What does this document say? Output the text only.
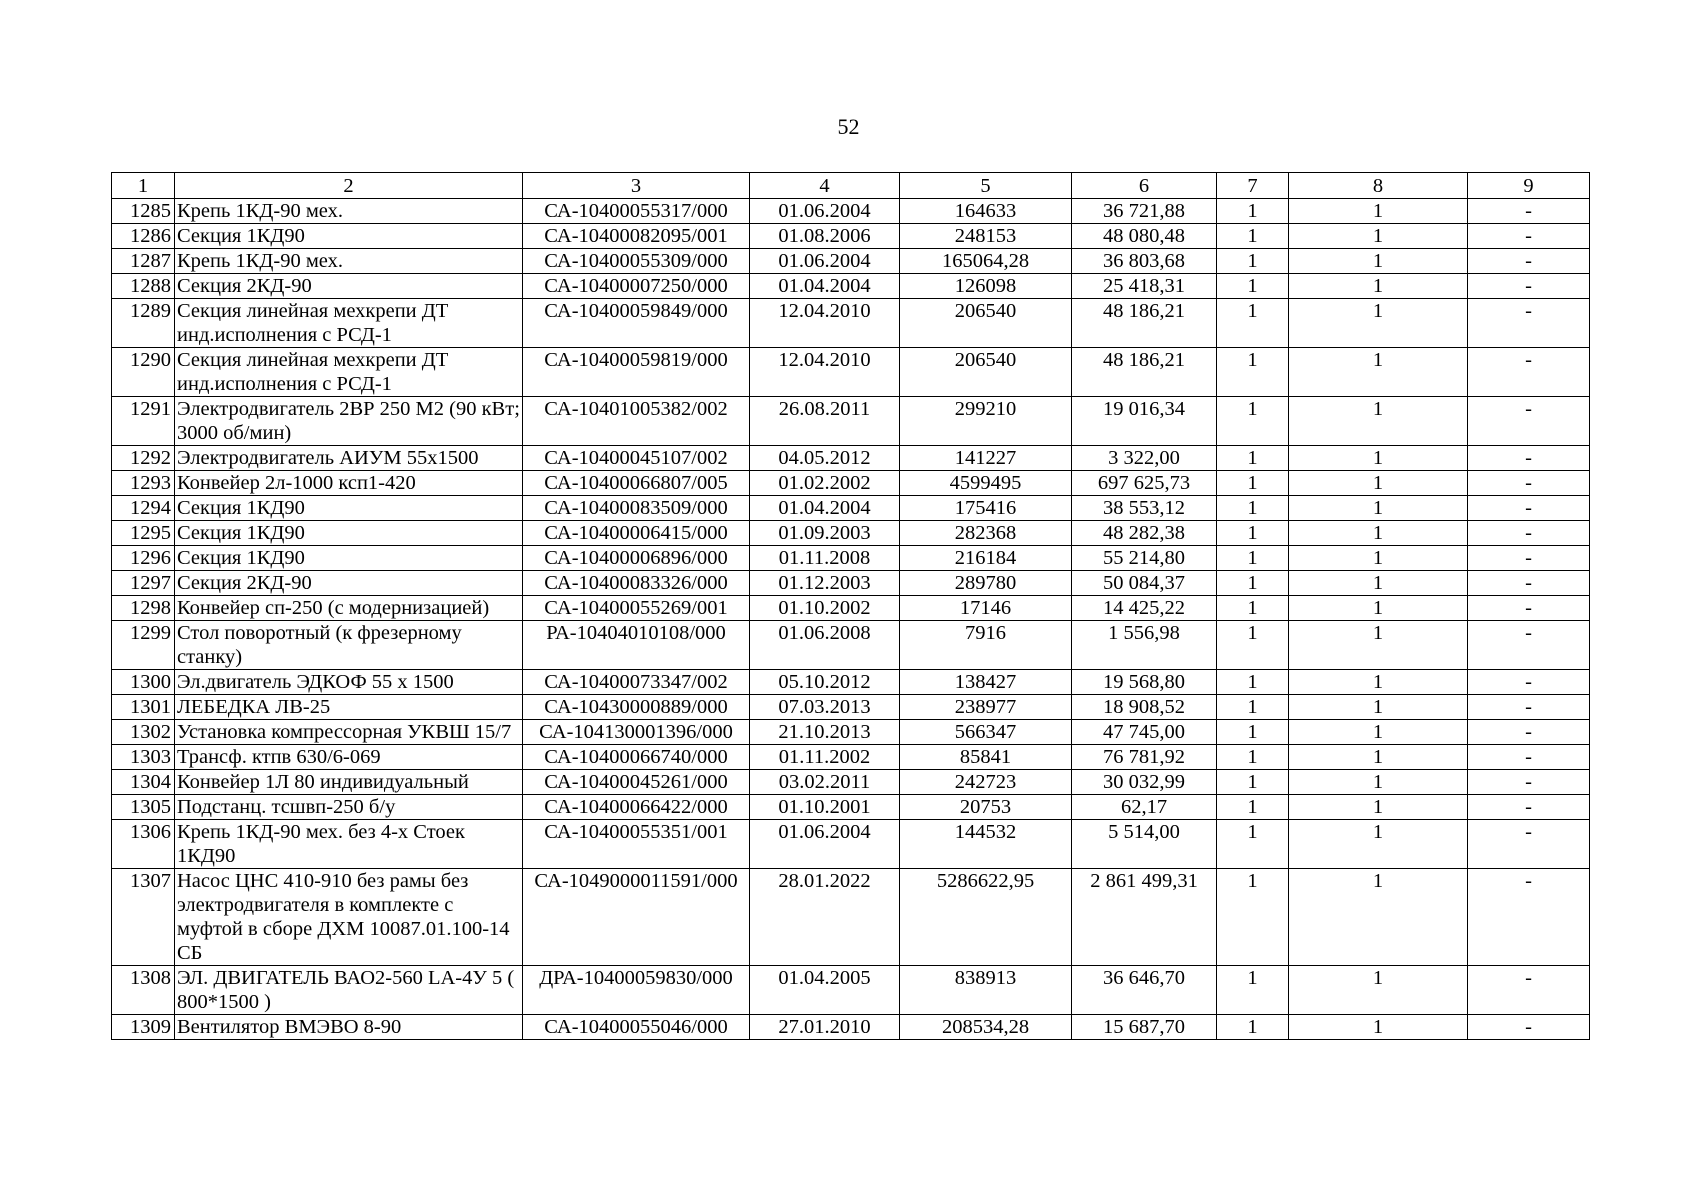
52
1	2	3	4	5	6	7	8	9
1285	Крепь 1КД-90 мех.	СА-10400055317/000	01.06.2004	164633	36 721,88	1	1	-
1286	Секция 1КД90	СА-10400082095/001	01.08.2006	248153	48 080,48	1	1	-
1287	Крепь 1КД-90 мех.	СА-10400055309/000	01.06.2004	165064,28	36 803,68	1	1	-
1288	Секция 2КД-90	СА-10400007250/000	01.04.2004	126098	25 418,31	1	1	-
1289	Секция линейная мехкрепи ДТ инд.исполнения с РСД-1	СА-10400059849/000	12.04.2010	206540	48 186,21	1	1	-
1290	Секция линейная мехкрепи ДТ инд.исполнения с РСД-1	СА-10400059819/000	12.04.2010	206540	48 186,21	1	1	-
1291	Электродвигатель 2ВР 250 М2 (90 кВт; 3000 об/мин)	СА-10401005382/002	26.08.2011	299210	19 016,34	1	1	-
1292	Электродвигатель АИУМ 55х1500	СА-10400045107/002	04.05.2012	141227	3 322,00	1	1	-
1293	Конвейер 2л-1000 ксп1-420	СА-10400066807/005	01.02.2002	4599495	697 625,73	1	1	-
1294	Секция 1КД90	СА-10400083509/000	01.04.2004	175416	38 553,12	1	1	-
1295	Секция 1КД90	СА-10400006415/000	01.09.2003	282368	48 282,38	1	1	-
1296	Секция 1КД90	СА-10400006896/000	01.11.2008	216184	55 214,80	1	1	-
1297	Секция 2КД-90	СА-10400083326/000	01.12.2003	289780	50 084,37	1	1	-
1298	Конвейер сп-250 (с модернизацией)	СА-10400055269/001	01.10.2002	17146	14 425,22	1	1	-
1299	Стол поворотный (к фрезерному станку)	РА-10404010108/000	01.06.2008	7916	1 556,98	1	1	-
1300	Эл.двигатель ЭДКОФ 55 х 1500	СА-10400073347/002	05.10.2012	138427	19 568,80	1	1	-
1301	ЛЕБЕДКА ЛВ-25	СА-10430000889/000	07.03.2013	238977	18 908,52	1	1	-
1302	Установка компрессорная УКВШ 15/7	СА-104130001396/000	21.10.2013	566347	47 745,00	1	1	-
1303	Трансф. ктпв 630/6-069	СА-10400066740/000	01.11.2002	85841	76 781,92	1	1	-
1304	Конвейер 1Л 80 индивидуальный	СА-10400045261/000	03.02.2011	242723	30 032,99	1	1	-
1305	Подстанц. тсшвп-250 б/у	СА-10400066422/000	01.10.2001	20753	62,17	1	1	-
1306	Крепь 1КД-90 мех. без 4-х Стоек 1КД90	СА-10400055351/001	01.06.2004	144532	5 514,00	1	1	-
1307	Насос ЦНС 410-910 без рамы без электродвигателя в комплекте с муфтой в сборе ДХМ 10087.01.100-14 СБ	СА-1049000011591/000	28.01.2022	5286622,95	2 861 499,31	1	1	-
1308	ЭЛ. ДВИГАТЕЛЬ ВАО2-560 LA-4У 5 ( 800*1500 )	ДРА-10400059830/000	01.04.2005	838913	36 646,70	1	1	-
1309	Вентилятор ВМЭВО 8-90	СА-10400055046/000	27.01.2010	208534,28	15 687,70	1	1	-
